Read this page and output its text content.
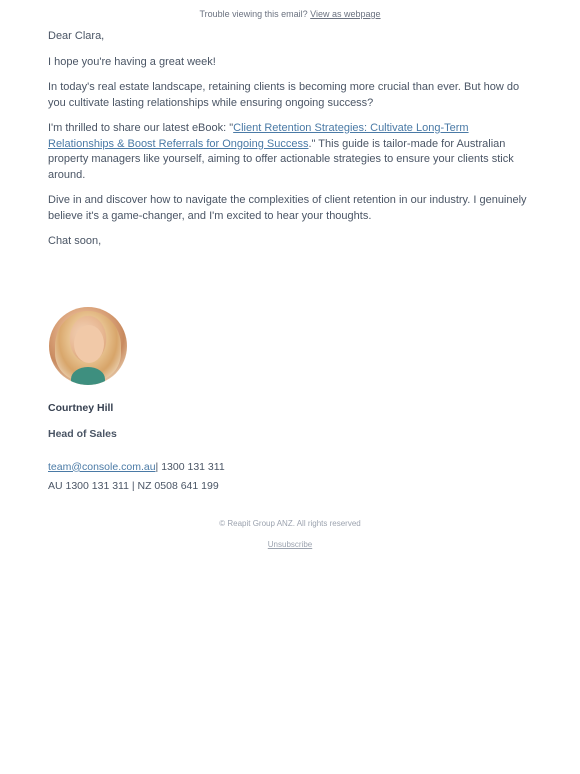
Trouble viewing this email? View as webpage

Dear Clara,

I hope you're having a great week!

In today's real estate landscape, retaining clients is becoming more crucial than ever. But how do you cultivate lasting relationships while ensuring ongoing success?

I'm thrilled to share our latest eBook: "Client Retention Strategies: Cultivate Long-Term Relationships & Boost Referrals for Ongoing Success." This guide is tailor-made for Australian property managers like yourself, aiming to offer actionable strategies to ensure your clients stick around.

Dive in and discover how to navigate the complexities of client retention in our industry. I genuinely believe it's a game-changer, and I'm excited to hear your thoughts.

Chat soon,

Courtney Hill
Head of Sales
team@console.com.au| 1300 131 311
AU 1300 131 311 | NZ 0508 641 199
© Reapit Group ANZ. All rights reserved
Unsubscribe
